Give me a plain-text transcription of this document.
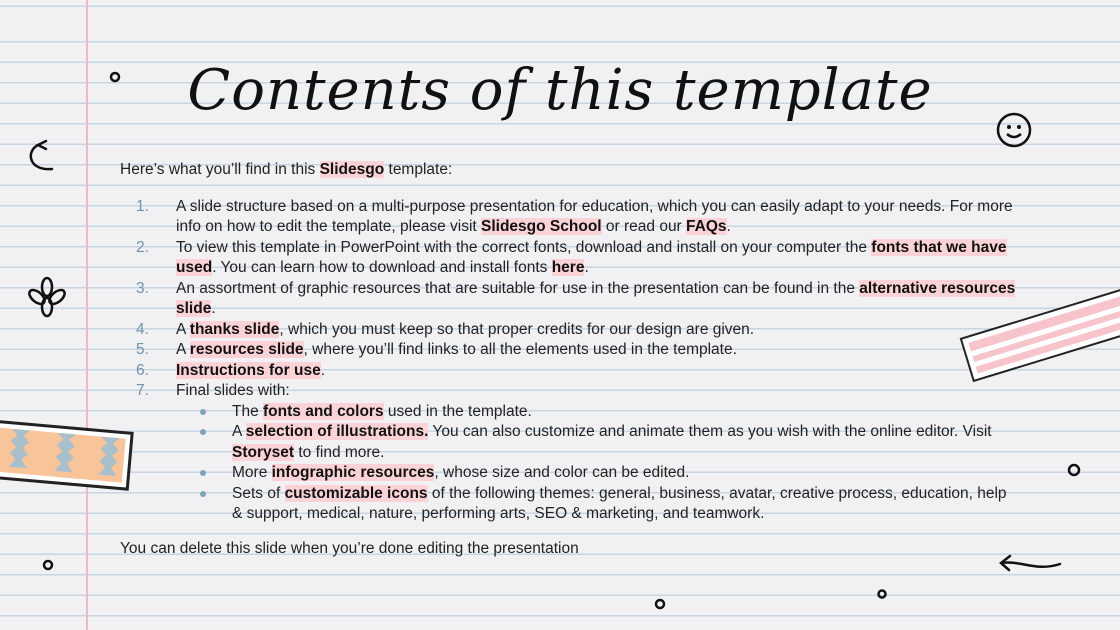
Contents of this template
Here’s what you’ll find in this Slidesgo template:
1. A slide structure based on a multi-purpose presentation for education, which you can easily adapt to your needs. For more info on how to edit the template, please visit Slidesgo School or read our FAQs.
2. To view this template in PowerPoint with the correct fonts, download and install on your computer the fonts that we have used. You can learn how to download and install fonts here.
3. An assortment of graphic resources that are suitable for use in the presentation can be found in the alternative resources slide.
4. A thanks slide, which you must keep so that proper credits for our design are given.
5. A resources slide, where you’ll find links to all the elements used in the template.
6. Instructions for use.
7. Final slides with:
The fonts and colors used in the template.
A selection of illustrations. You can also customize and animate them as you wish with the online editor. Visit Storyset to find more.
More infographic resources, whose size and color can be edited.
Sets of customizable icons of the following themes: general, business, avatar, creative process, education, help & support, medical, nature, performing arts, SEO & marketing, and teamwork.
You can delete this slide when you’re done editing the presentation
